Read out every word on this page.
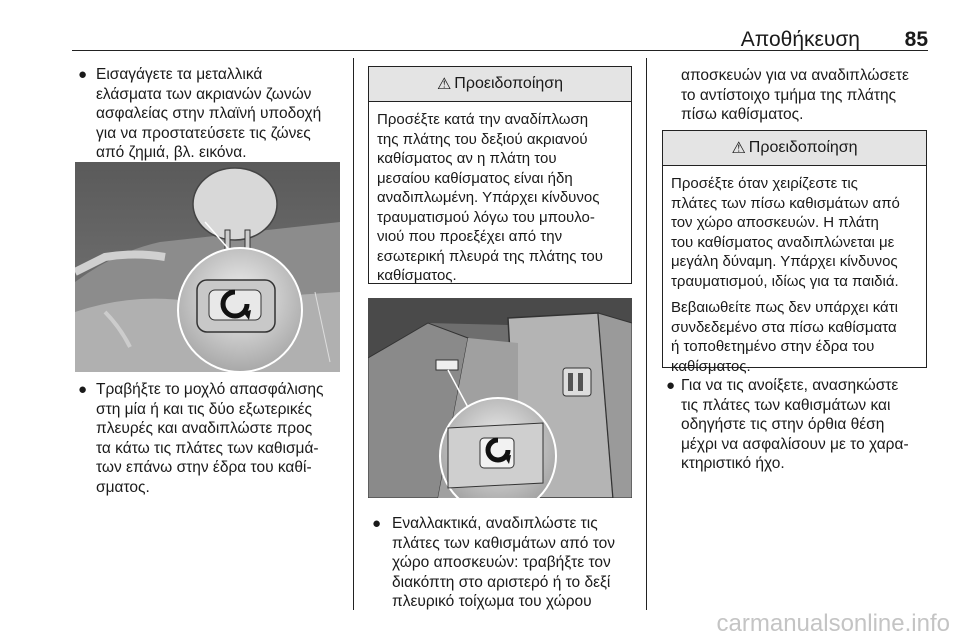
Αποθήκευση 85
● Εισαγάγετε τα μεταλλικά
ελάσματα των ακριανών ζωνών
ασφαλείας στην πλαϊνή υποδοχή
για να προστατεύσετε τις ζώνες
από ζημιά, βλ. εικόνα.
● Τραβήξτε το μοχλό απασφάλισης
στη μία ή και τις δύο εξωτερικές
πλευρές και αναδιπλώστε προς
τα κάτω τις πλάτες των καθισμά-
των επάνω στην έδρα του καθί-
σματος.
⚠ Προειδοποίηση

Προσέξτε κατά την αναδίπλωση
της πλάτης του δεξιού ακριανού
καθίσματος αν η πλάτη του
μεσαίου καθίσματος είναι ήδη
αναδιπλωμένη. Υπάρχει κίνδυνος
τραυματισμού λόγω του μπουλο-
νιού που προεξέχει από την
εσωτερική πλευρά της πλάτης του
καθίσματος.

● Εναλλακτικά, αναδιπλώστε τις
πλάτες των καθισμάτων από τον
χώρο αποσκευών: τραβήξτε τον
διακόπτη στο αριστερό ή το δεξί
πλευρικό τοίχωμα του χώρου
αποσκευών για να αναδιπλώσετε
το αντίστοιχο τμήμα της πλάτης
πίσω καθίσματος.
⚠ Προειδοποίηση

Προσέξτε όταν χειρίζεστε τις
πλάτες των πίσω καθισμάτων από
τον χώρο αποσκευών. Η πλάτη
του καθίσματος αναδιπλώνεται με
μεγάλη δύναμη. Υπάρχει κίνδυνος
τραυματισμού, ιδίως για τα παιδιά.

Βεβαιωθείτε πως δεν υπάρχει κάτι
συνδεδεμένο στα πίσω καθίσματα
ή τοποθετημένο στην έδρα του
καθίσματος.

● Για να τις ανοίξετε, ανασηκώστε
τις πλάτες των καθισμάτων και
οδηγήστε τις στην όρθια θέση
μέχρι να ασφαλίσουν με το χαρα-
κτηριστικό ήχο.
carmanualsonline.info
